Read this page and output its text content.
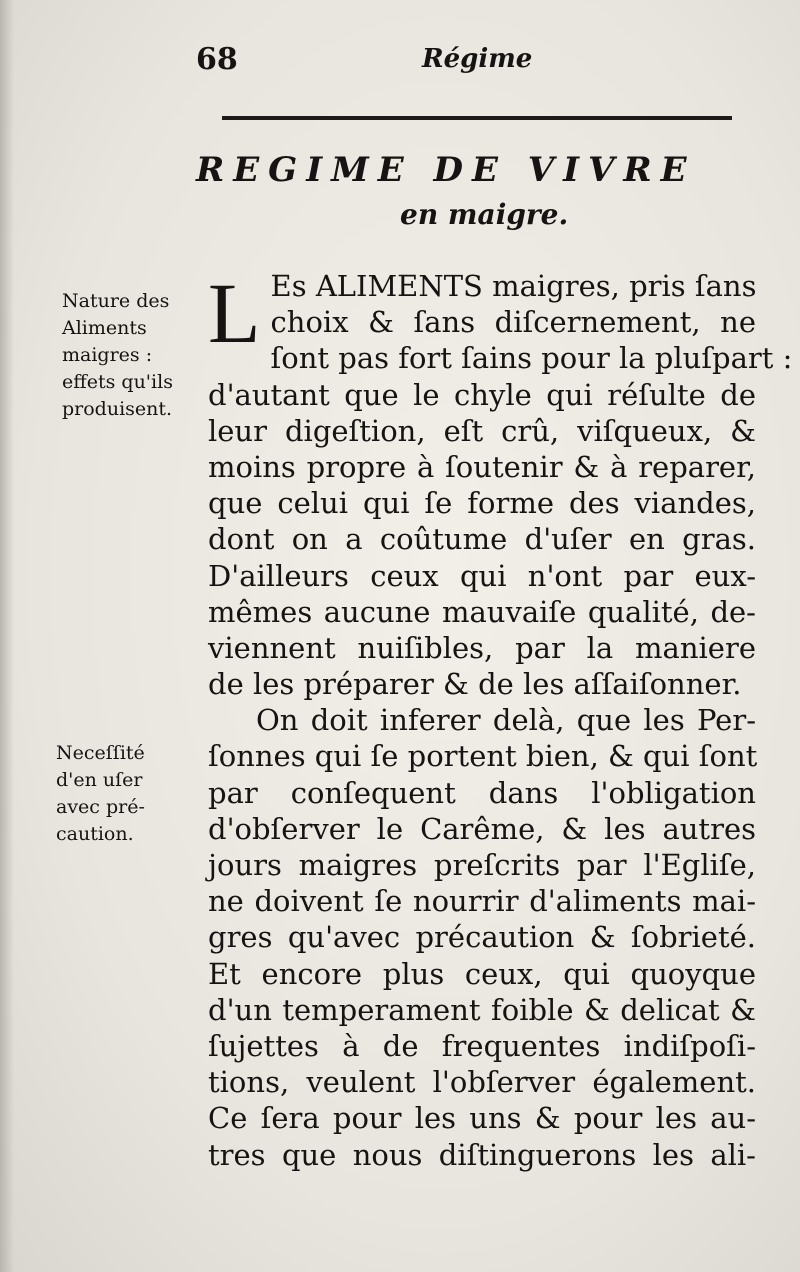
68	Régime
REGIME DE VIVRE
en maigre.
Nature des
Aliments
maigres :
effets qu'ils
produisent.
Neceſſité
d'en uſer
avec pré-
caution.
L Es ALIMENTS maigres, pris ſans
choix & ſans diſcernement, ne
ſont pas fort ſains pour la pluſpart :
d'autant que le chyle qui réſulte de
leur digeſtion, eſt crû, viſqueux, &
moins propre à ſoutenir & à reparer,
que celui qui ſe forme des viandes,
dont on a coûtume d'uſer en gras.
D'ailleurs ceux qui n'ont par eux-
mêmes aucune mauvaiſe qualité, de-
viennent nuiſibles, par la maniere
de les préparer & de les aſſaiſonner.
On doit inferer delà, que les Per-
ſonnes qui ſe portent bien, & qui ſont
par conſequent dans l'obligation
d'obſerver le Carême, & les autres
jours maigres preſcrits par l'Egliſe,
ne doivent ſe nourrir d'aliments mai-
gres qu'avec précaution & ſobrieté.
Et encore plus ceux, qui quoyque
d'un temperament foible & delicat &
ſujettes à de frequentes indiſpoſi-
tions, veulent l'obſerver également.
Ce ſera pour les uns & pour les au-
tres que nous diſtinguerons les ali-
